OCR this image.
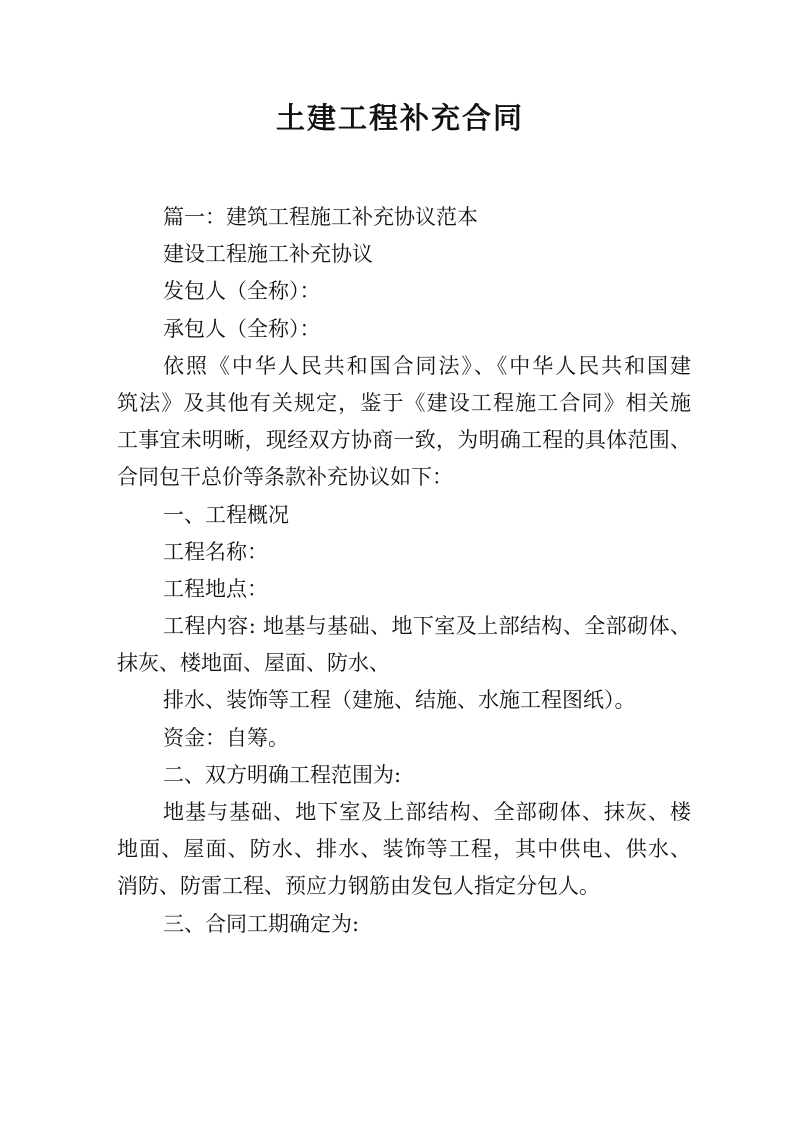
土建工程补充合同
篇一：建筑工程施工补充协议范本
建设工程施工补充协议
发包人（全称）：
承包人（全称）：
依照《中华人民共和国合同法》、《中华人民共和国建
筑法》及其他有关规定，鉴于《建设工程施工合同》相关施
工事宜未明晰，现经双方协商一致，为明确工程的具体范围、
合同包干总价等条款补充协议如下：
一、工程概况
工程名称：
工程地点：
工程内容: 地基与基础、地下室及上部结构、全部砌体、
抹灰、楼地面、屋面、防水、
排水、装饰等工程（建施、结施、水施工程图纸）。
资金：自筹。
二、双方明确工程范围为:
地基与基础、地下室及上部结构、全部砌体、抹灰、楼
地面、屋面、防水、排水、装饰等工程，其中供电、供水、
消防、防雷工程、预应力钢筋由发包人指定分包人。
三、合同工期确定为:
